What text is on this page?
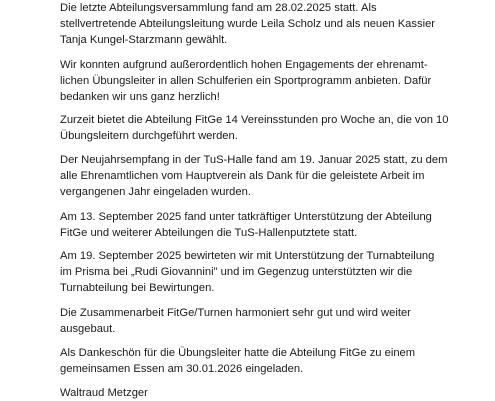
Die letzte Abteilungsversammlung fand am 28.02.2025 statt. Als
stellvertretende Abteilungsleitung wurde Leila Scholz und als neuen Kassier
Tanja Kungel-Starzmann gewählt.

Wir konnten aufgrund außerordentlich hohen Engagements der ehrenamt-
lichen Übungsleiter in allen Schulferien ein Sportprogramm anbieten. Dafür
bedanken wir uns ganz herzlich!

Zurzeit bietet die Abteilung FitGe 14 Vereinsstunden pro Woche an, die von 10
Übungsleitern durchgeführt werden.

Der Neujahrsempfang in der TuS-Halle fand am 19. Januar 2025 statt, zu dem
alle Ehrenamtlichen vom Hauptverein als Dank für die geleistete Arbeit im
vergangenen Jahr eingeladen wurden.

Am 13. September 2025 fand unter tatkräftiger Unterstützung der Abteilung
FitGe und weiterer Abteilungen die TuS-Hallenputztete statt.

Am 19. September 2025 bewirteten wir mit Unterstützung der Turnabteilung
im Prisma bei „Rudi Giovannini" und im Gegenzug unterstützten wir die
Turnabteilung bei Bewirtungen.

Die Zusammenarbeit FitGe/Turnen harmoniert sehr gut und wird weiter
ausgebaut.

Als Dankeschön für die Übungsleiter hatte die Abteilung FitGe zu einem
gemeinsamen Essen am 30.01.2026 eingeladen.

Waltraud Metzger
